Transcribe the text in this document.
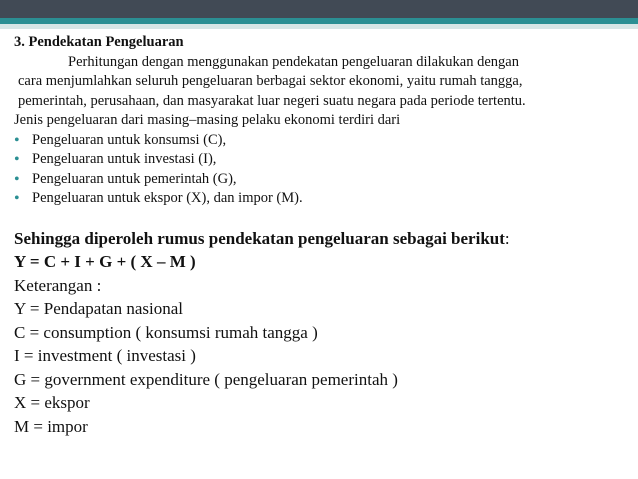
3. Pendekatan Pengeluaran
Perhitungan dengan menggunakan pendekatan pengeluaran dilakukan dengan
cara menjumlahkan seluruh pengeluaran berbagai sektor ekonomi, yaitu rumah tangga,
pemerintah, perusahaan, dan masyarakat luar negeri suatu negara pada periode tertentu.
Jenis pengeluaran dari masing–masing pelaku ekonomi terdiri dari
• Pengeluaran untuk konsumsi (C),
• Pengeluaran untuk investasi (I),
• Pengeluaran untuk pemerintah (G),
• Pengeluaran untuk ekspor (X), dan impor (M).
Sehingga diperoleh rumus pendekatan pengeluaran sebagai berikut:
Y = C + I + G + ( X – M )
Keterangan :
Y = Pendapatan nasional
C = consumption ( konsumsi rumah tangga )
I = investment ( investasi )
G = government expenditure ( pengeluaran pemerintah )
X = ekspor
M = impor
